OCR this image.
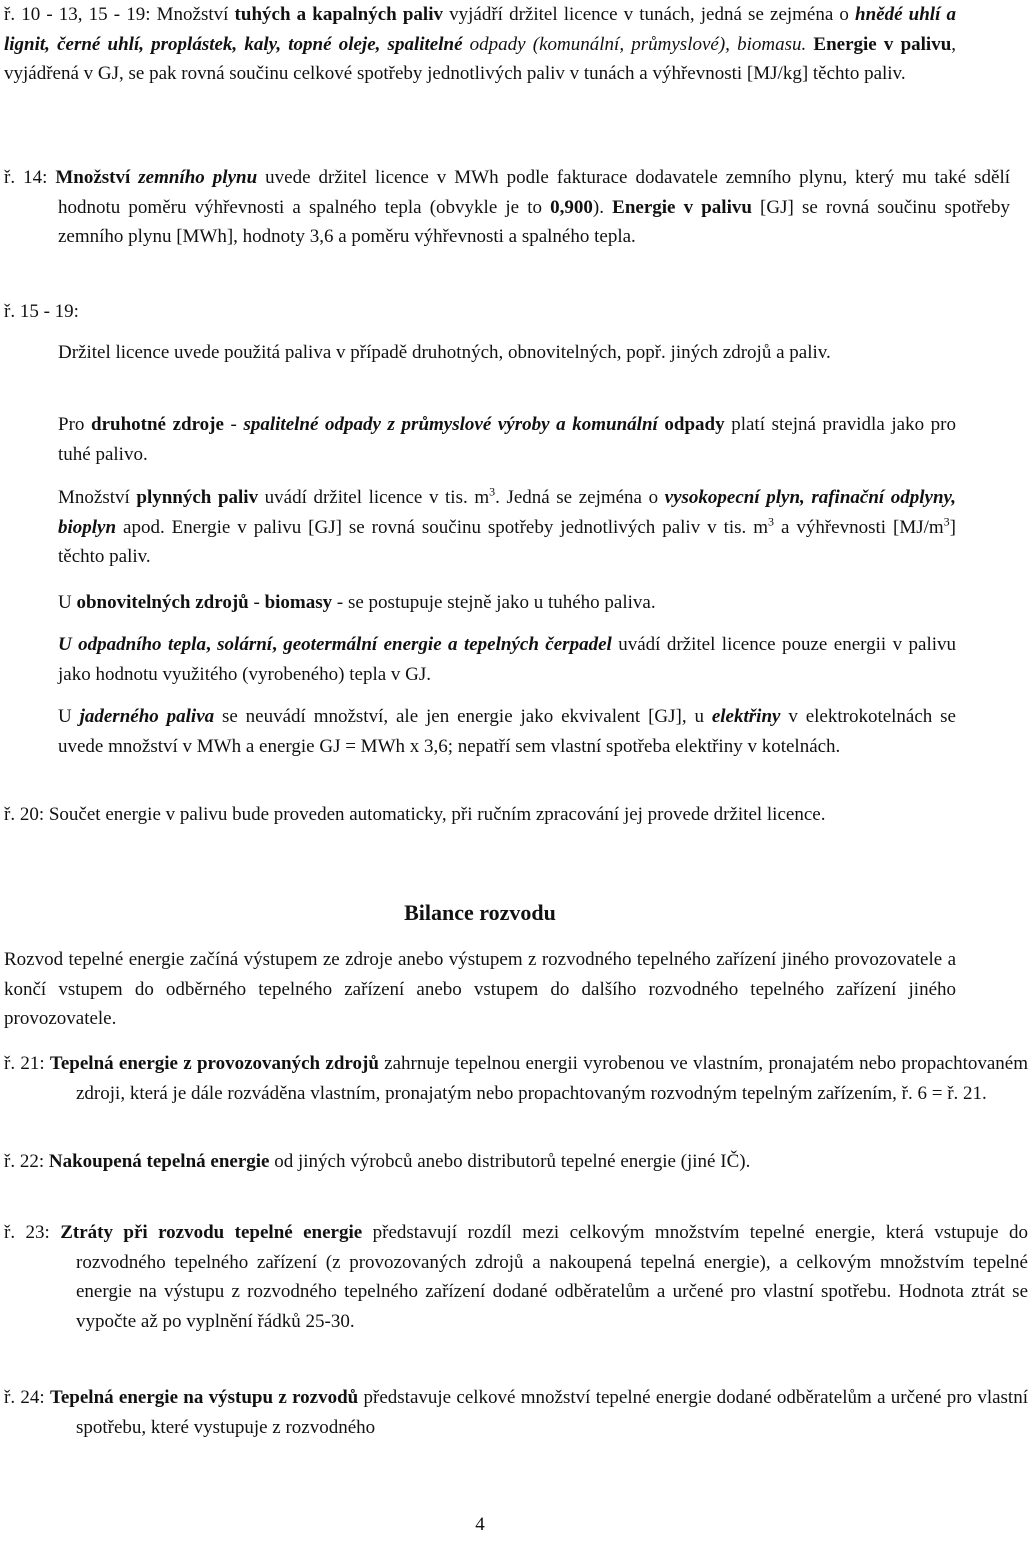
ř. 10 - 13, 15 - 19: Množství tuhých a kapalných paliv vyjádří držitel licence v tunách, jedná se zejména o hnědé uhlí a lignit, černé uhlí, proplástek, kaly, topné oleje, spalitelné odpady (komunální, průmyslové), biomasu. Energie v palivu, vyjádřená v GJ, se pak rovná součinu celkové spotřeby jednotlivých paliv v tunách a výhřevnosti [MJ/kg] těchto paliv.

ř. 14: Množství zemního plynu uvede držitel licence v MWh podle fakturace dodavatele zemního plynu, který mu také sdělí hodnotu poměru výhřevnosti a spalného tepla (obvykle je to 0,900). Energie v palivu [GJ] se rovná součinu spotřeby zemního plynu [MWh], hodnoty 3,6 a poměru výhřevnosti a spalného tepla.

ř. 15 - 19:

Držitel licence uvede použitá paliva v případě druhotných, obnovitelných, popř. jiných zdrojů a paliv.

Pro druhotné zdroje - spalitelné odpady z průmyslové výroby a komunální odpady platí stejná pravidla jako pro tuhé palivo.

Množství plynných paliv uvádí držitel licence v tis. $m^3$. Jedná se zejména o vysokopecní plyn, rafinační odplyny, bioplyn apod. Energie v palivu [GJ] se rovná součinu spotřeby jednotlivých paliv v tis. $m^3$ a výhřevnosti $[MJ/m^3]$ těchto paliv.

U obnovitelných zdrojů - biomasy - se postupuje stejně jako u tuhého paliva.

U odpadního tepla, solární, geotermální energie a tepelných čerpadel uvádí držitel licence pouze energii v palivu jako hodnotu využitého (vyrobeného) tepla v GJ.

U jaderného paliva se neuvádí množství, ale jen energie jako ekvivalent [GJ], u elektřiny v elektrokotelnách se uvede množství v MWh a energie GJ = MWh x 3,6; nepatří sem vlastní spotřeba elektřiny v kotelnách.

ř. 20: Součet energie v palivu bude proveden automaticky, při ručním zpracování jej provede držitel licence.

Bilance rozvodu

Rozvod tepelné energie začíná výstupem ze zdroje anebo výstupem z rozvodného tepelného zařízení jiného provozovatele a končí vstupem do odběrného tepelného zařízení anebo vstupem do dalšího rozvodného tepelného zařízení jiného provozovatele.

ř. 21: Tepelná energie z provozovaných zdrojů zahrnuje tepelnou energii vyrobenou ve vlastním, pronajatém nebo propachtovaném zdroji, která je dále rozváděna vlastním, pronajatým nebo propachtovaným rozvodným tepelným zařízením, ř. 6 = ř. 21.

ř. 22: Nakoupená tepelná energie od jiných výrobců anebo distributorů tepelné energie (jiné IČ).

ř. 23: Ztráty při rozvodu tepelné energie představují rozdíl mezi celkovým množstvím tepelné energie, která vstupuje do rozvodného tepelného zařízení (z provozovaných zdrojů a nakoupená tepelná energie), a celkovým množstvím tepelné energie na výstupu z rozvodného tepelného zařízení dodané odběratelům a určené pro vlastní spotřebu. Hodnota ztrát se vypočte až po vyplnění řádků 25-30.

ř. 24: Tepelná energie na výstupu z rozvodů představuje celkové množství tepelné energie dodané odběratelům a určené pro vlastní spotřebu, které vystupuje z rozvodného

4
